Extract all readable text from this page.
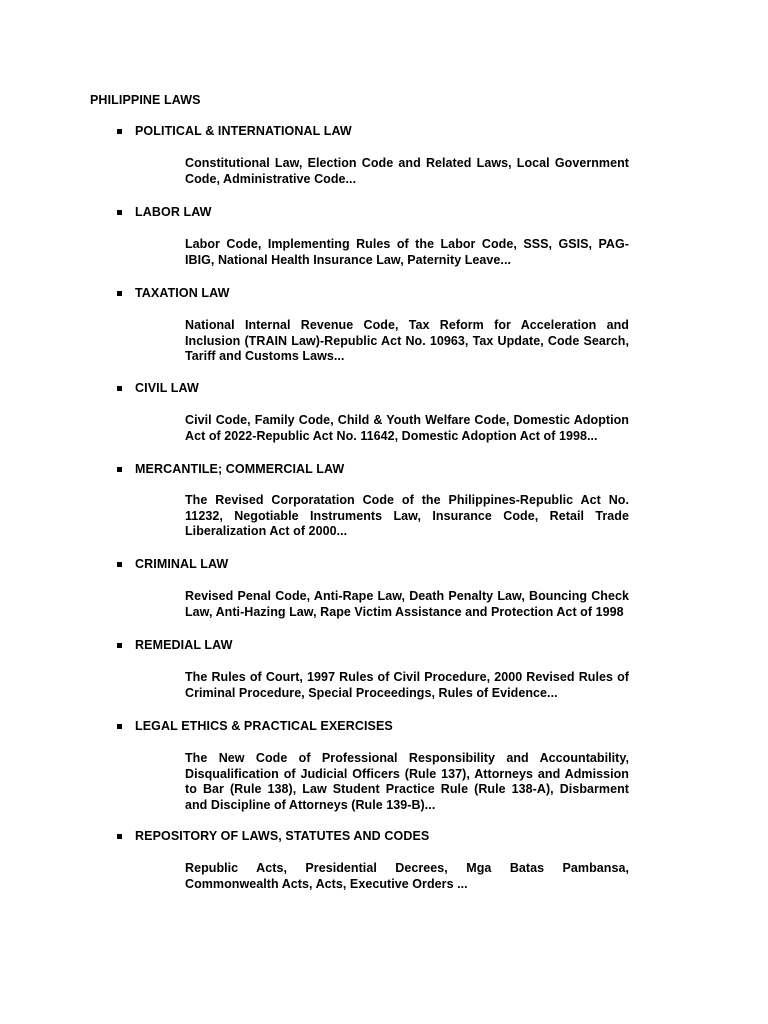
PHILIPPINE LAWS
POLITICAL & INTERNATIONAL LAW
Constitutional Law, Election Code and Related Laws, Local Government Code, Administrative Code...
LABOR LAW
Labor Code, Implementing Rules of the Labor Code, SSS, GSIS, PAG-IBIG, National Health Insurance Law, Paternity Leave...
TAXATION LAW
National Internal Revenue Code, Tax Reform for Acceleration and Inclusion (TRAIN Law)-Republic Act No. 10963, Tax Update, Code Search, Tariff and Customs Laws...
CIVIL LAW
Civil Code, Family Code, Child & Youth Welfare Code, Domestic Adoption Act of 2022-Republic Act No. 11642, Domestic Adoption Act of 1998...
MERCANTILE; COMMERCIAL LAW
The Revised Corporatation Code of the Philippines-Republic Act No. 11232, Negotiable Instruments Law, Insurance Code, Retail Trade Liberalization Act of 2000...
CRIMINAL LAW
Revised Penal Code, Anti-Rape Law, Death Penalty Law, Bouncing Check Law, Anti-Hazing Law, Rape Victim Assistance and Protection Act of 1998
REMEDIAL LAW
The Rules of Court, 1997 Rules of Civil Procedure, 2000 Revised Rules of Criminal Procedure, Special Proceedings, Rules of Evidence...
LEGAL ETHICS & PRACTICAL EXERCISES
The New Code of Professional Responsibility and Accountability, Disqualification of Judicial Officers (Rule 137), Attorneys and Admission to Bar (Rule 138), Law Student Practice Rule (Rule 138-A), Disbarment and Discipline of Attorneys (Rule 139-B)...
REPOSITORY OF LAWS, STATUTES AND CODES
Republic Acts, Presidential Decrees, Mga Batas Pambansa, Commonwealth Acts, Acts, Executive Orders ...
